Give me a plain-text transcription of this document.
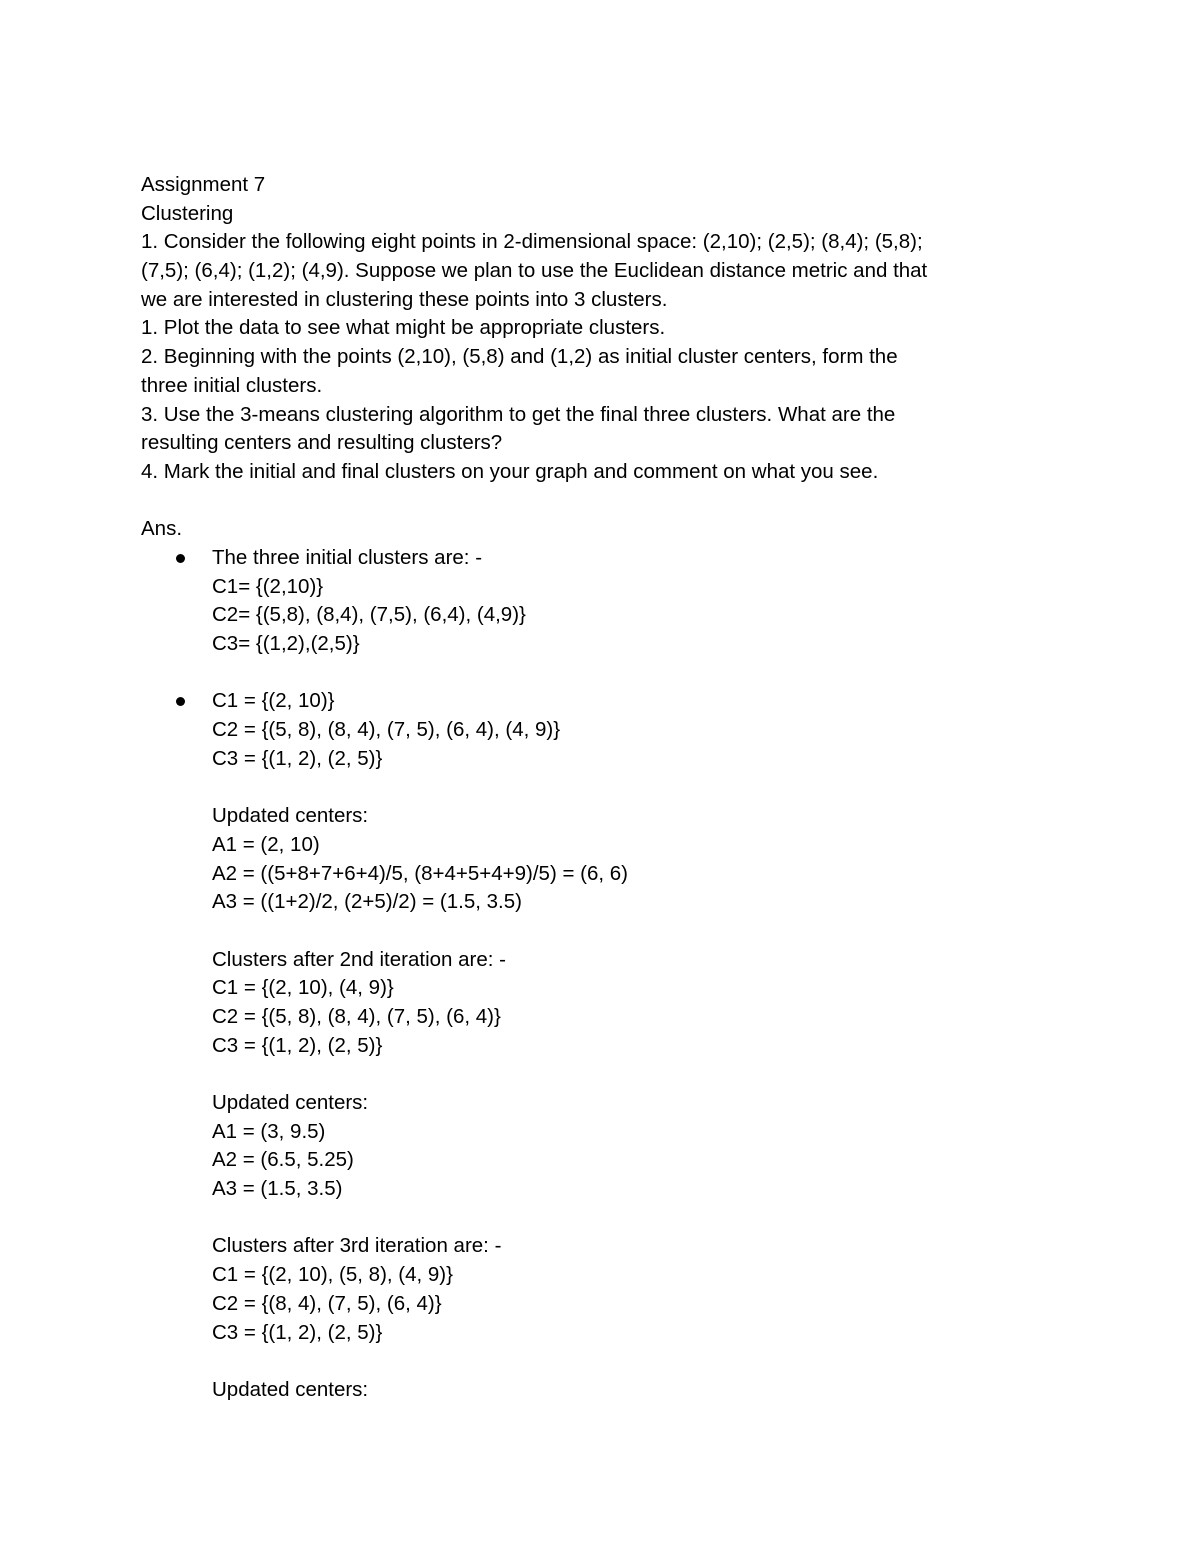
Assignment 7
Clustering
1. Consider the following eight points in 2-dimensional space: (2,10); (2,5); (8,4); (5,8);
(7,5); (6,4); (1,2); (4,9). Suppose we plan to use the Euclidean distance metric and that
we are interested in clustering these points into 3 clusters.
1. Plot the data to see what might be appropriate clusters.
2. Beginning with the points (2,10), (5,8) and (1,2) as initial cluster centers, form the
three initial clusters.
3. Use the 3-means clustering algorithm to get the final three clusters. What are the
resulting centers and resulting clusters?
4. Mark the initial and final clusters on your graph and comment on what you see.
Ans.
The three initial clusters are: -
C1= {(2,10)}
C2= {(5,8), (8,4), (7,5), (6,4), (4,9)}
C3= {(1,2),(2,5)}
C1 = {(2, 10)}
C2 = {(5, 8), (8, 4), (7, 5), (6, 4), (4, 9)}
C3 = {(1, 2), (2, 5)}
Updated centers:
A1 = (2, 10)
A2 = ((5+8+7+6+4)/5, (8+4+5+4+9)/5) = (6, 6)
A3 = ((1+2)/2, (2+5)/2) = (1.5, 3.5)
Clusters after 2nd iteration are: -
C1 = {(2, 10), (4, 9)}
C2 = {(5, 8), (8, 4), (7, 5), (6, 4)}
C3 = {(1, 2), (2, 5)}
Updated centers:
A1 = (3, 9.5)
A2 = (6.5, 5.25)
A3 = (1.5, 3.5)
Clusters after 3rd iteration are: -
C1 = {(2, 10), (5, 8), (4, 9)}
C2 = {(8, 4), (7, 5), (6, 4)}
C3 = {(1, 2), (2, 5)}
Updated centers:
